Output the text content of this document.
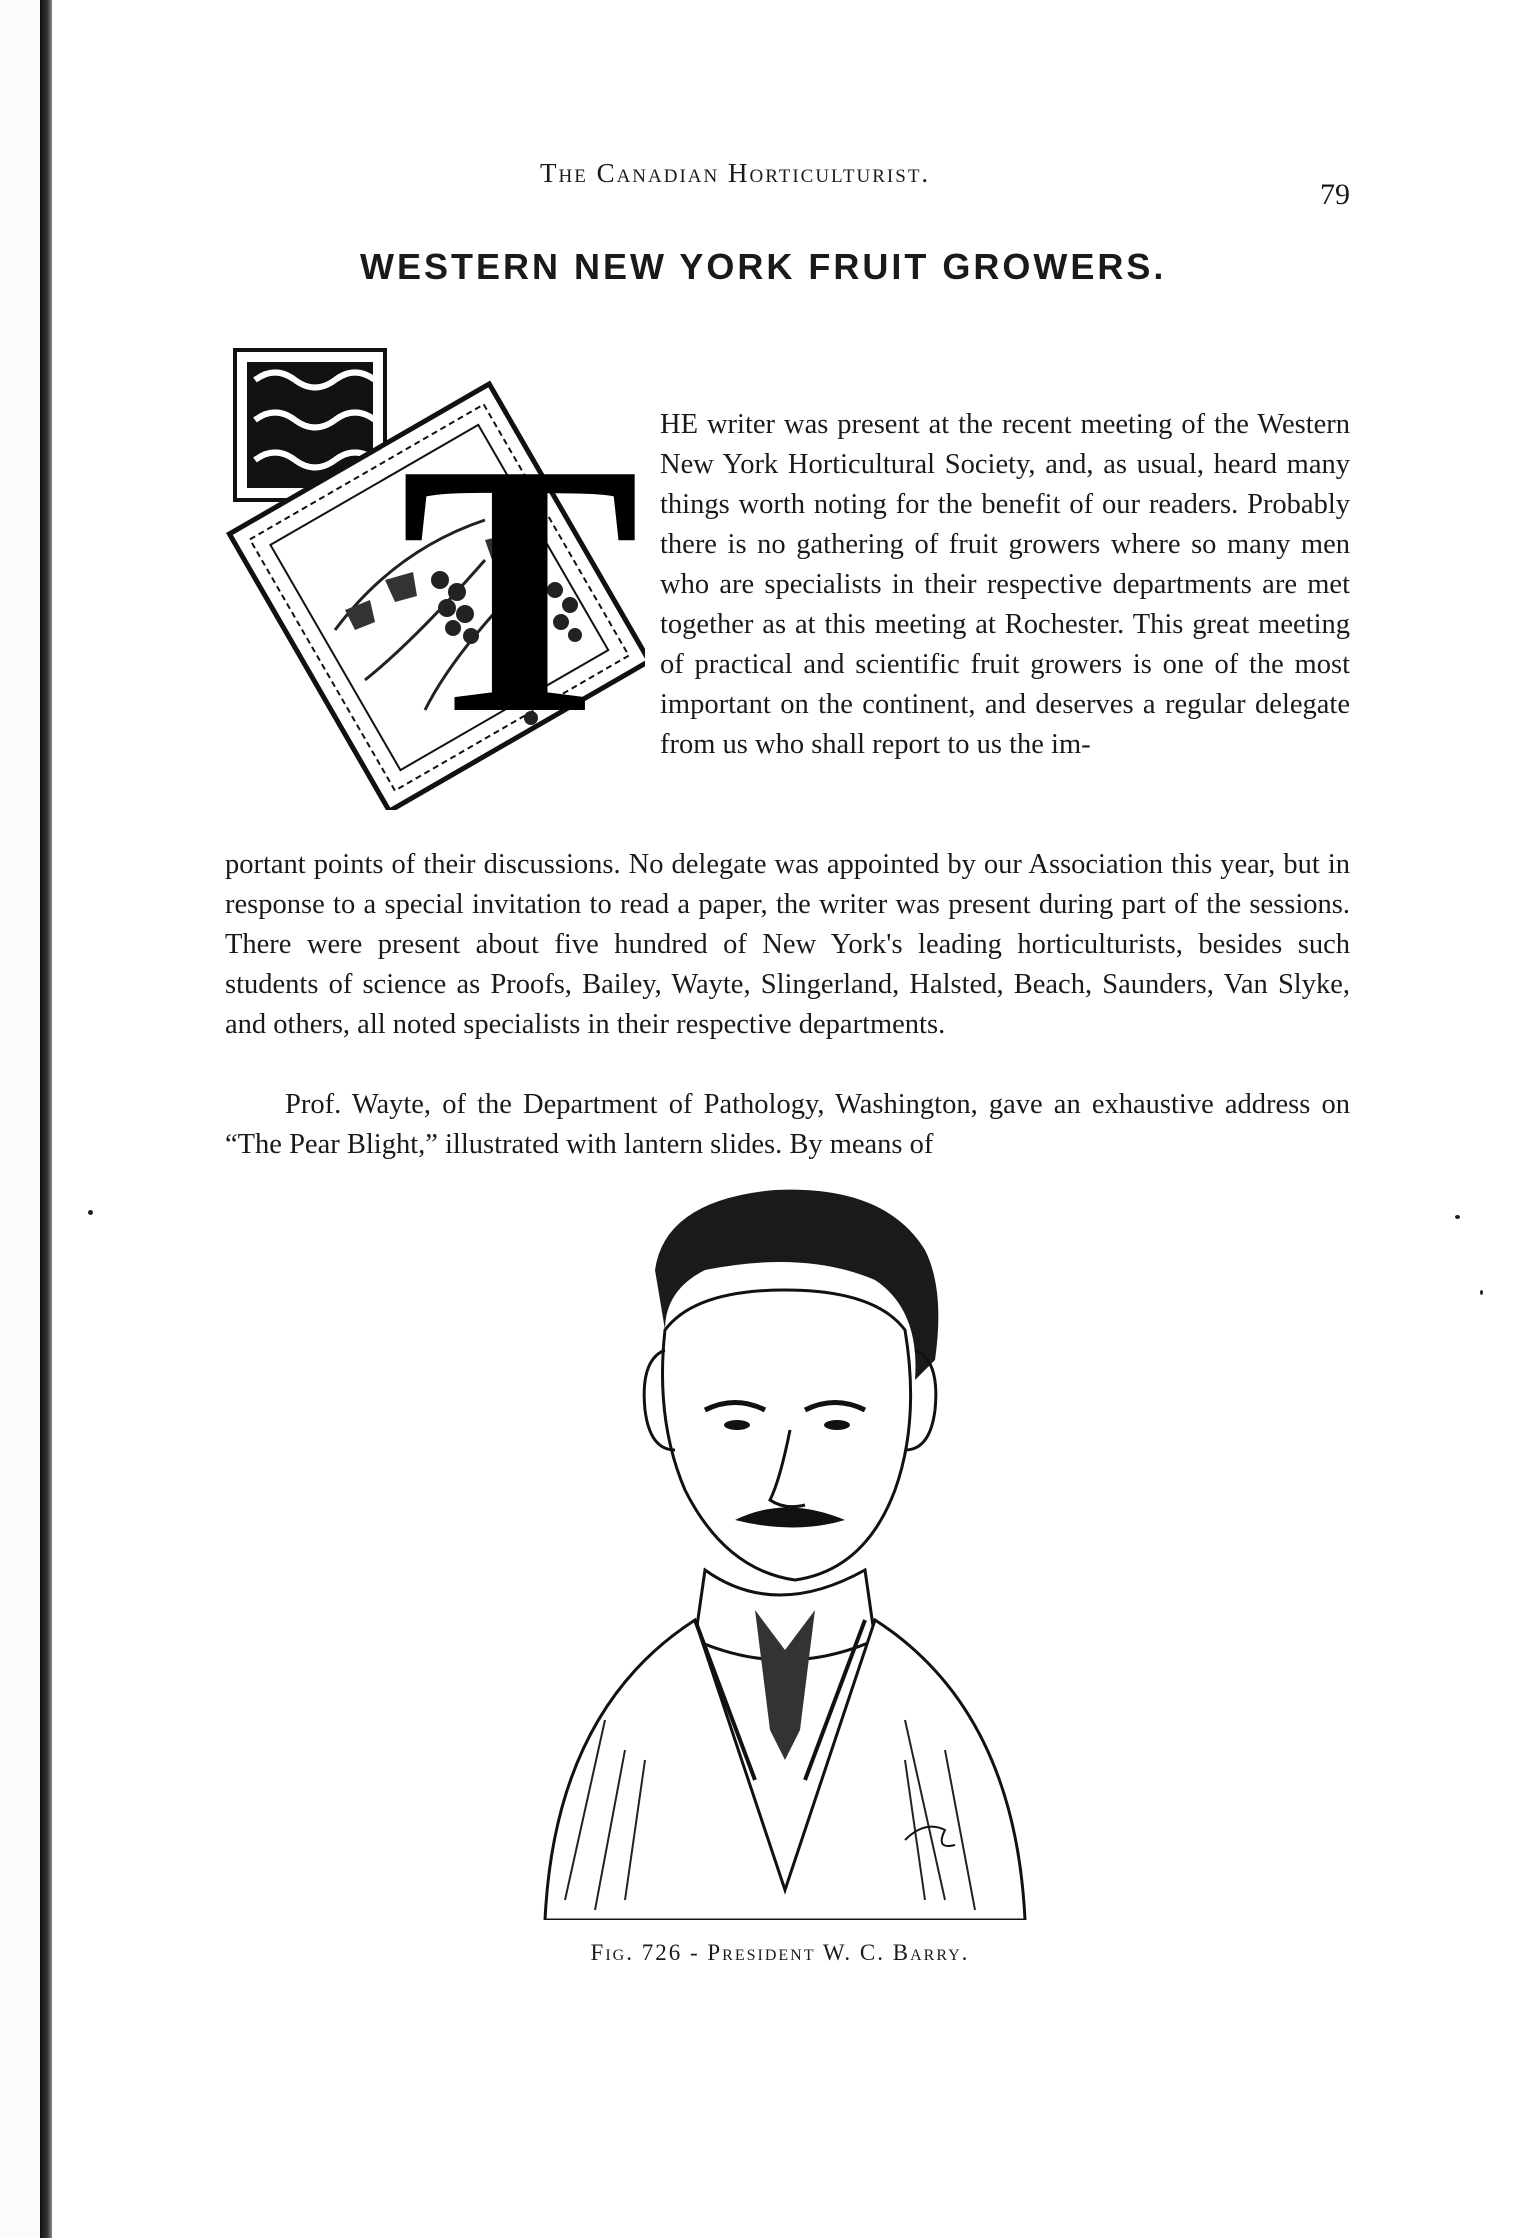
The Canadian Horticulturist.
79
WESTERN NEW YORK FRUIT GROWERS.
T HE writer was present at the recent meeting of the Western New York Horticultural Society, and, as usual, heard many things worth noting for the benefit of our readers. Probably there is no gathering of fruit growers where so many men who are specialists in their respective departments are met together as at this meeting at Rochester. This great meeting of practical and scientific fruit growers is one of the most important on the continent, and deserves a regular delegate from us who shall report to us the im-

portant points of their discussions. No delegate was appointed by our Association this year, but in response to a special invitation to read a paper, the writer was present during part of the sessions. There were present about five hundred of New York's leading horticulturists, besides such students of science as Proofs, Bailey, Wayte, Slingerland, Halsted, Beach, Saunders, Van Slyke, and others, all noted specialists in their respective departments.

Prof. Wayte, of the Department of Pathology, Washington, gave an exhaustive address on “The Pear Blight,” illustrated with lantern slides. By means of

Fig. 726 - President W. C. Barry.
